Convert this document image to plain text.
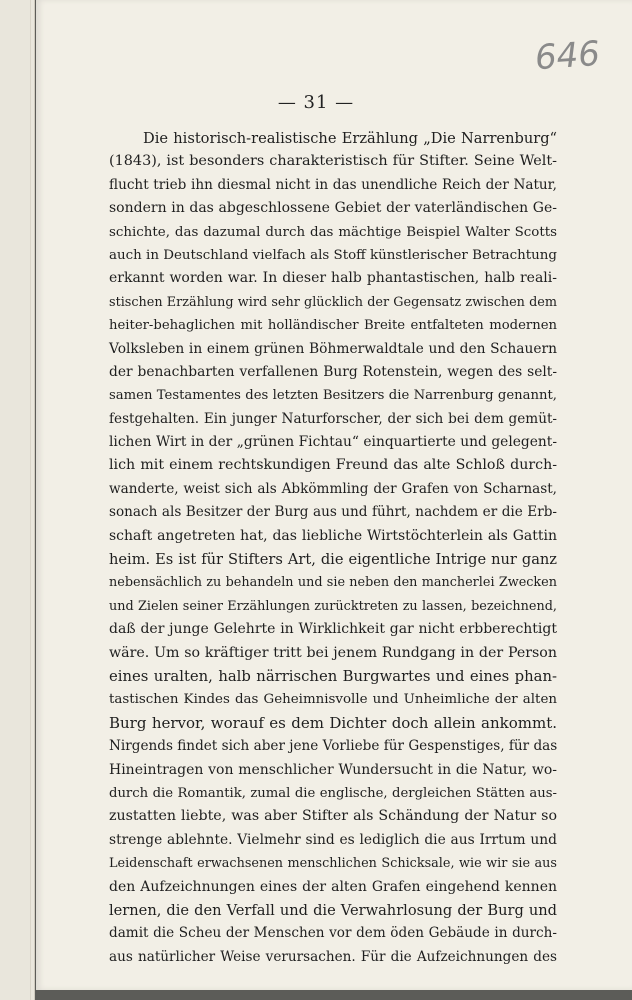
646
— 31 —
Die historisch-realistische Erzählung „Die Narrenburg“
(1843), ist besonders charakteristisch für Stifter. Seine Welt-
flucht trieb ihn diesmal nicht in das unendliche Reich der Natur,
sondern in das abgeschlossene Gebiet der vaterländischen Ge-
schichte, das dazumal durch das mächtige Beispiel Walter Scotts
auch in Deutschland vielfach als Stoff künstlerischer Betrachtung
erkannt worden war. In dieser halb phantastischen, halb reali-
stischen Erzählung wird sehr glücklich der Gegensatz zwischen dem
heiter-behaglichen mit holländischer Breite entfalteten modernen
Volksleben in einem grünen Böhmerwaldtale und den Schauern
der benachbarten verfallenen Burg Rotenstein, wegen des selt-
samen Testamentes des letzten Besitzers die Narrenburg genannt,
festgehalten. Ein junger Naturforscher, der sich bei dem gemüt-
lichen Wirt in der „grünen Fichtau“ einquartierte und gelegent-
lich mit einem rechtskundigen Freund das alte Schloß durch-
wanderte, weist sich als Abkömmling der Grafen von Scharnast,
sonach als Besitzer der Burg aus und führt, nachdem er die Erb-
schaft angetreten hat, das liebliche Wirtstöchterlein als Gattin
heim. Es ist für Stifters Art, die eigentliche Intrige nur ganz
nebensächlich zu behandeln und sie neben den mancherlei Zwecken
und Zielen seiner Erzählungen zurücktreten zu lassen, bezeichnend,
daß der junge Gelehrte in Wirklichkeit gar nicht erbberechtigt
wäre. Um so kräftiger tritt bei jenem Rundgang in der Person
eines uralten, halb närrischen Burgwartes und eines phan-
tastischen Kindes das Geheimnisvolle und Unheimliche der alten
Burg hervor, worauf es dem Dichter doch allein ankommt.
Nirgends findet sich aber jene Vorliebe für Gespenstiges, für das
Hineintragen von menschlicher Wundersucht in die Natur, wo-
durch die Romantik, zumal die englische, dergleichen Stätten aus-
zustatten liebte, was aber Stifter als Schändung der Natur so
strenge ablehnte. Vielmehr sind es lediglich die aus Irrtum und
Leidenschaft erwachsenen menschlichen Schicksale, wie wir sie aus
den Aufzeichnungen eines der alten Grafen eingehend kennen
lernen, die den Verfall und die Verwahrlosung der Burg und
damit die Scheu der Menschen vor dem öden Gebäude in durch-
aus natürlicher Weise verursachen. Für die Aufzeichnungen des
